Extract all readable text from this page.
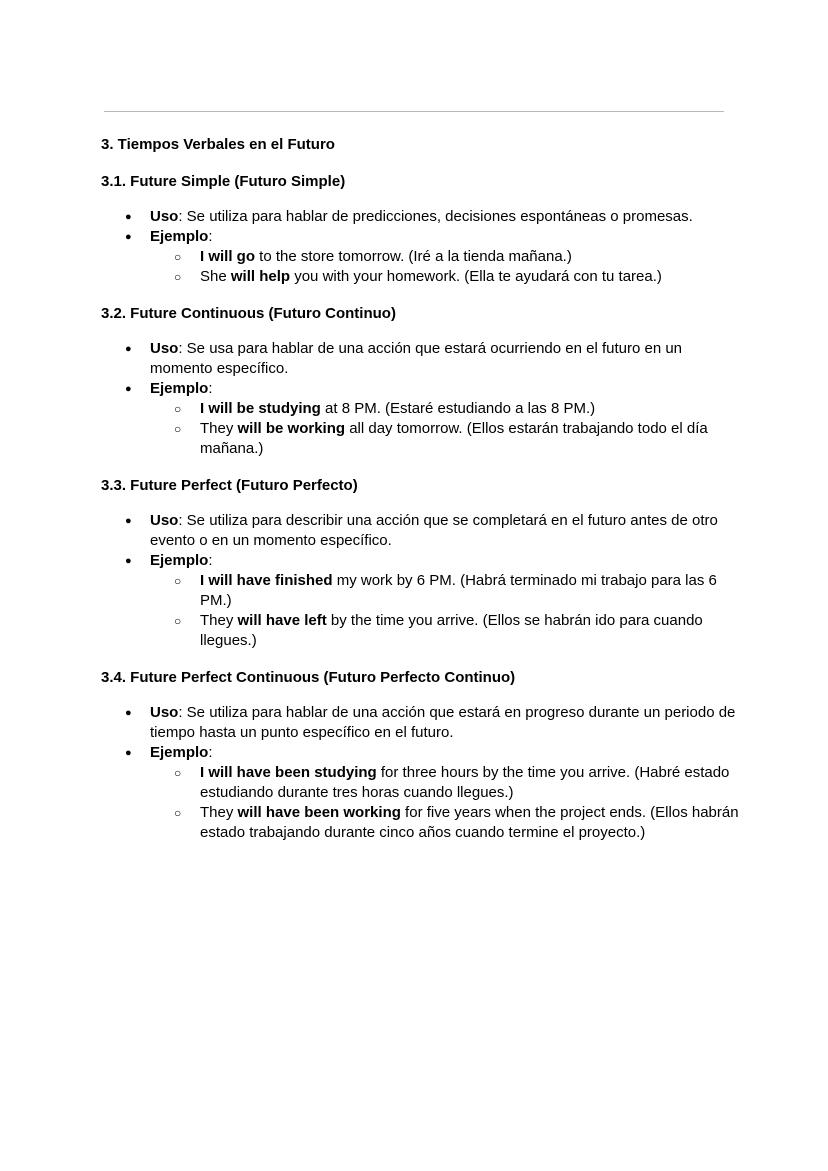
3. Tiempos Verbales en el Futuro
3.1. Future Simple (Futuro Simple)
● Uso: Se utiliza para hablar de predicciones, decisiones espontáneas o promesas.
● Ejemplo:
○ I will go to the store tomorrow. (Iré a la tienda mañana.)
○ She will help you with your homework. (Ella te ayudará con tu tarea.)
3.2. Future Continuous (Futuro Continuo)
● Uso: Se usa para hablar de una acción que estará ocurriendo en el futuro en un momento específico.
● Ejemplo:
○ I will be studying at 8 PM. (Estaré estudiando a las 8 PM.)
○ They will be working all day tomorrow. (Ellos estarán trabajando todo el día mañana.)
3.3. Future Perfect (Futuro Perfecto)
● Uso: Se utiliza para describir una acción que se completará en el futuro antes de otro evento o en un momento específico.
● Ejemplo:
○ I will have finished my work by 6 PM. (Habrá terminado mi trabajo para las 6 PM.)
○ They will have left by the time you arrive. (Ellos se habrán ido para cuando llegues.)
3.4. Future Perfect Continuous (Futuro Perfecto Continuo)
● Uso: Se utiliza para hablar de una acción que estará en progreso durante un periodo de tiempo hasta un punto específico en el futuro.
● Ejemplo:
○ I will have been studying for three hours by the time you arrive. (Habré estado estudiando durante tres horas cuando llegues.)
○ They will have been working for five years when the project ends. (Ellos habrán estado trabajando durante cinco años cuando termine el proyecto.)
